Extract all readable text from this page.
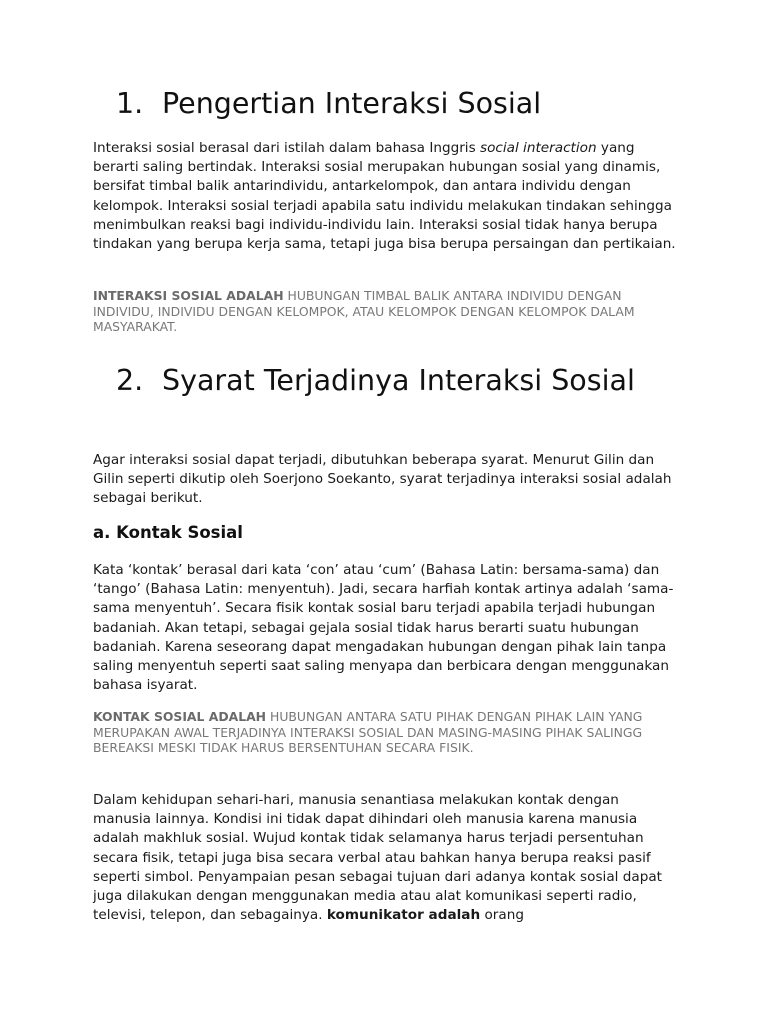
1. Pengertian Interaksi Sosial

Interaksi sosial berasal dari istilah dalam bahasa Inggris social interaction yang berarti saling bertindak. Interaksi sosial merupakan hubungan sosial yang dinamis, bersifat timbal balik antarindividu, antarkelompok, dan antara individu dengan kelompok. Interaksi sosial terjadi apabila satu individu melakukan tindakan sehingga menimbulkan reaksi bagi individu-individu lain. Interaksi sosial tidak hanya berupa tindakan yang berupa kerja sama, tetapi juga bisa berupa persaingan dan pertikaian.

INTERAKSI SOSIAL ADALAH HUBUNGAN TIMBAL BALIK ANTARA INDIVIDU DENGAN INDIVIDU, INDIVIDU DENGAN KELOMPOK, ATAU KELOMPOK DENGAN KELOMPOK DALAM MASYARAKAT.

2. Syarat Terjadinya Interaksi Sosial

Agar interaksi sosial dapat terjadi, dibutuhkan beberapa syarat. Menurut Gilin dan Gilin seperti dikutip oleh Soerjono Soekanto, syarat terjadinya interaksi sosial adalah sebagai berikut.

a. Kontak Sosial

Kata ‘kontak’ berasal dari kata ‘con’ atau ‘cum’ (Bahasa Latin: bersama-sama) dan ‘tango’ (Bahasa Latin: menyentuh). Jadi, secara harfiah kontak artinya adalah ‘sama-sama menyentuh’. Secara fisik kontak sosial baru terjadi apabila terjadi hubungan badaniah. Akan tetapi, sebagai gejala sosial tidak harus berarti suatu hubungan badaniah. Karena seseorang dapat mengadakan hubungan dengan pihak lain tanpa saling menyentuh seperti saat saling menyapa dan berbicara dengan menggunakan bahasa isyarat.

KONTAK SOSIAL ADALAH HUBUNGAN ANTARA SATU PIHAK DENGAN PIHAK LAIN YANG MERUPAKAN AWAL TERJADINYA INTERAKSI SOSIAL DAN MASING-MASING PIHAK SALINGG BEREAKSI MESKI TIDAK HARUS BERSENTUHAN SECARA FISIK.

Dalam kehidupan sehari-hari, manusia senantiasa melakukan kontak dengan manusia lainnya. Kondisi ini tidak dapat dihindari oleh manusia karena manusia adalah makhluk sosial. Wujud kontak tidak selamanya harus terjadi persentuhan secara fisik, tetapi juga bisa secara verbal atau bahkan hanya berupa reaksi pasif seperti simbol. Penyampaian pesan sebagai tujuan dari adanya kontak sosial dapat juga dilakukan dengan menggunakan media atau alat komunikasi seperti radio, televisi, telepon, dan sebagainya. komunikator adalah orang
